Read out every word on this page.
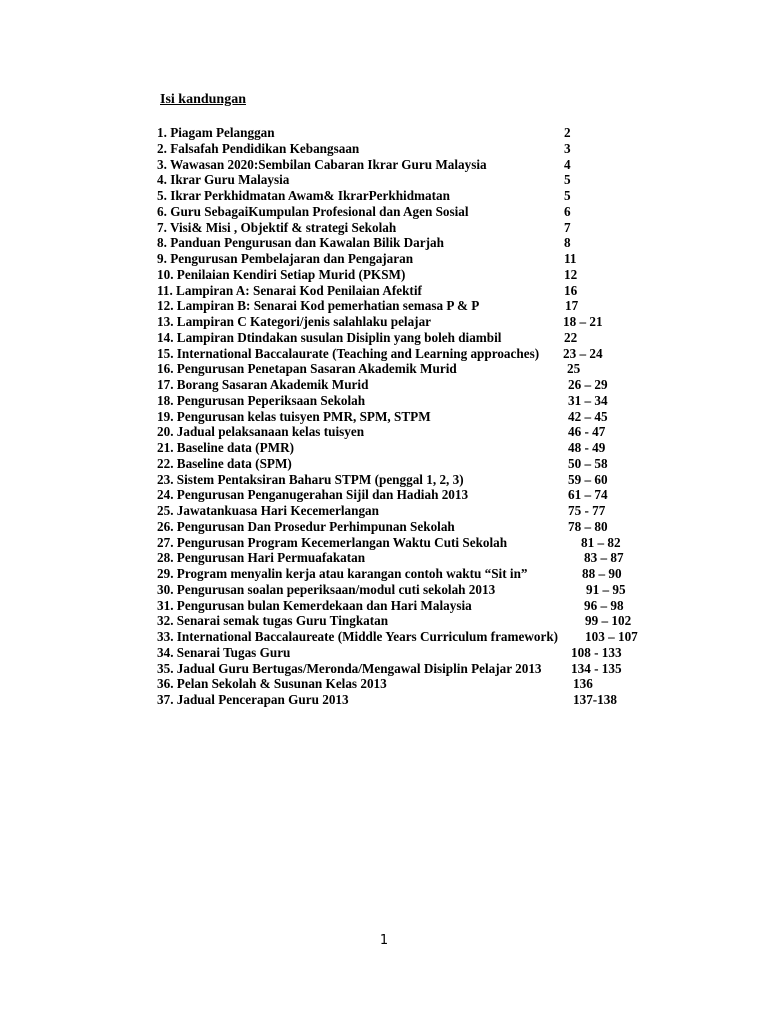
Isi kandungan
1. Piagam Pelanggan	2
2. Falsafah Pendidikan Kebangsaan	3
3. Wawasan 2020:Sembilan Cabaran Ikrar Guru Malaysia	4
4. Ikrar Guru Malaysia	5
5. Ikrar Perkhidmatan Awam& IkrarPerkhidmatan	5
6. Guru SebagaiKumpulan Profesional dan Agen Sosial	6
7. Visi& Misi , Objektif & strategi Sekolah	7
8. Panduan Pengurusan dan Kawalan Bilik Darjah	8
9. Pengurusan Pembelajaran dan Pengajaran	11
10. Penilaian Kendiri Setiap Murid (PKSM)	12
11. Lampiran A: Senarai Kod Penilaian Afektif	16
12. Lampiran B: Senarai Kod pemerhatian semasa P & P	17
13. Lampiran C Kategori/jenis salahlaku pelajar	18 – 21
14. Lampiran Dtindakan susulan Disiplin yang boleh diambil	22
15. International Baccalaurate (Teaching and Learning approaches) 23 – 24
16. Pengurusan Penetapan Sasaran Akademik Murid	25
17. Borang Sasaran Akademik Murid	26 – 29
18. Pengurusan Peperiksaan Sekolah	31 – 34
19. Pengurusan kelas tuisyen PMR, SPM, STPM	42 – 45
20. Jadual pelaksanaan kelas tuisyen	46 - 47
21. Baseline data (PMR)	48 - 49
22. Baseline data (SPM)	50 – 58
23. Sistem Pentaksiran Baharu STPM (penggal 1, 2, 3)	59 – 60
24. Pengurusan Penganugerahan Sijil dan Hadiah 2013	61 – 74
25. Jawatankuasa Hari Kecemerlangan	75 - 77
26. Pengurusan Dan Prosedur Perhimpunan Sekolah	78 – 80
27. Pengurusan Program Kecemerlangan Waktu Cuti Sekolah	81 – 82
28. Pengurusan Hari Permuafakatan	83 – 87
29. Program menyalin kerja atau karangan contoh waktu “Sit in”	88 – 90
30. Pengurusan soalan peperiksaan/modul cuti sekolah 2013	91 – 95
31. Pengurusan bulan Kemerdekaan dan Hari Malaysia	96 – 98
32. Senarai semak tugas Guru Tingkatan	99 – 102
33. International Baccalaureate (Middle Years Curriculum framework) 103 – 107
34. Senarai Tugas Guru	108 - 133
35. Jadual Guru Bertugas/Meronda/Mengawal Disiplin Pelajar 2013 134 - 135
36. Pelan Sekolah & Susunan Kelas 2013	136
37. Jadual Pencerapan Guru 2013	137-138
1
